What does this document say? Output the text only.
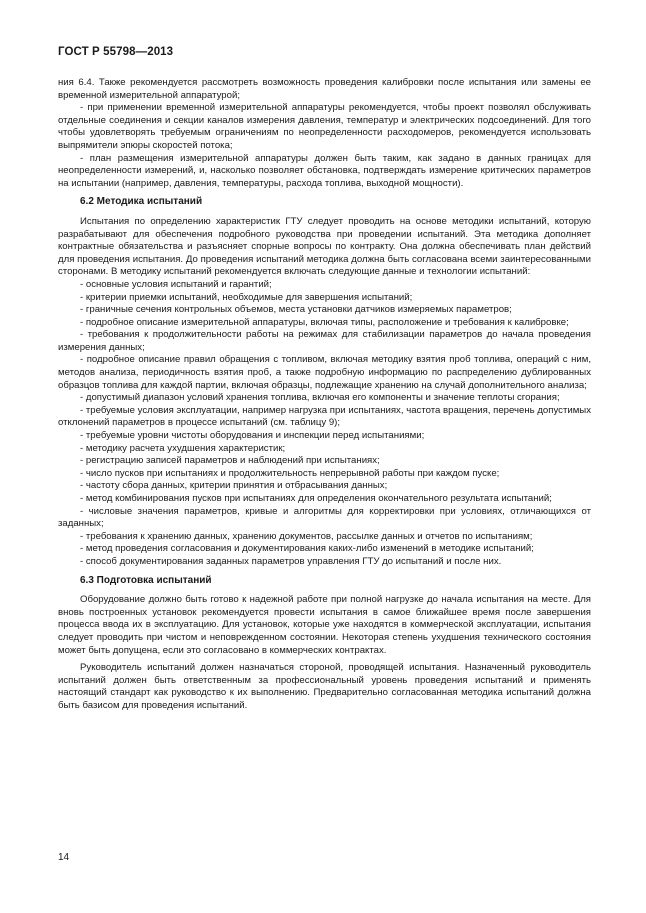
ГОСТ Р 55798—2013

ния 6.4. Также рекомендуется рассмотреть возможность проведения калибровки после испытания или замены ее временной измерительной аппаратурой;

- при применении временной измерительной аппаратуры рекомендуется, чтобы проект позволял обслуживать отдельные соединения и секции каналов измерения давления, температур и электрических подсоединений. Для того чтобы удовлетворять требуемым ограничениям по неопределенности расходомеров, рекомендуется использовать выпрямители эпюры скоростей потока;

- план размещения измерительной аппаратуры должен быть таким, как задано в данных границах для неопределенности измерений, и, насколько позволяет обстановка, подтверждать измерение критических параметров на испытании (например, давления, температуры, расхода топлива, выходной мощности).

6.2 Методика испытаний

Испытания по определению характеристик ГТУ следует проводить на основе методики испытаний, которую разрабатывают для обеспечения подробного руководства при проведении испытаний. Эта методика дополняет контрактные обязательства и разъясняет спорные вопросы по контракту. Она должна обеспечивать план действий для проведения испытания. До проведения испытаний методика должна быть согласована всеми заинтересованными сторонами. В методику испытаний рекомендуется включать следующие данные и технологии испытаний:

- основные условия испытаний и гарантий;

- критерии приемки испытаний, необходимые для завершения испытаний;

- граничные сечения контрольных объемов, места установки датчиков измеряемых параметров;

- подробное описание измерительной аппаратуры, включая типы, расположение и требования к калибровке;

- требования к продолжительности работы на режимах для стабилизации параметров до начала проведения измерения данных;

- подробное описание правил обращения с топливом, включая методику взятия проб топлива, операций с ним, методов анализа, периодичность взятия проб, а также подробную информацию по распределению дублированных образцов топлива для каждой партии, включая образцы, подлежащие хранению на случай дополнительного анализа;

- допустимый диапазон условий хранения топлива, включая его компоненты и значение теплоты сгорания;

- требуемые условия эксплуатации, например нагрузка при испытаниях, частота вращения, перечень допустимых отклонений параметров в процессе испытаний (см. таблицу 9);

- требуемые уровни чистоты оборудования и инспекции перед испытаниями;

- методику расчета ухудшения характеристик;

- регистрацию записей параметров и наблюдений при испытаниях;

- число пусков при испытаниях и продолжительность непрерывной работы при каждом пуске;

- частоту сбора данных, критерии принятия и отбрасывания данных;

- метод комбинирования пусков при испытаниях для определения окончательного результата испытаний;

- числовые значения параметров, кривые и алгоритмы для корректировки при условиях, отличающихся от заданных;

- требования к хранению данных, хранению документов, рассылке данных и отчетов по испытаниям;

- метод проведения согласования и документирования каких-либо изменений в методике испытаний;

- способ документирования заданных параметров управления ГТУ до испытаний и после них.

6.3 Подготовка испытаний

Оборудование должно быть готово к надежной работе при полной нагрузке до начала испытания на месте. Для вновь построенных установок рекомендуется провести испытания в самое ближайшее время после завершения процесса ввода их в эксплуатацию. Для установок, которые уже находятся в коммерческой эксплуатации, испытания следует проводить при чистом и неповрежденном состоянии. Некоторая степень ухудшения технического состояния может быть допущена, если это согласовано в коммерческих контрактах.

Руководитель испытаний должен назначаться стороной, проводящей испытания. Назначенный руководитель испытаний должен быть ответственным за профессиональный уровень проведения испытаний и применять настоящий стандарт как руководство к их выполнению. Предварительно согласованная методика испытаний должна быть базисом для проведения испытаний.

14
